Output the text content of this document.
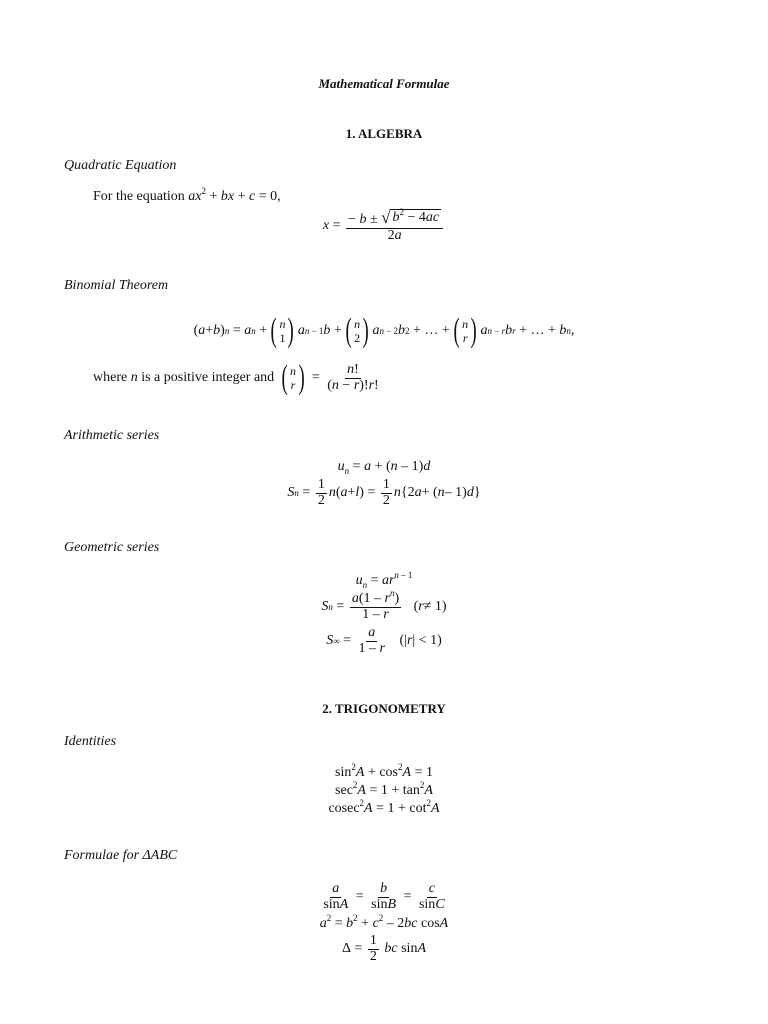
Mathematical Formulae
1. ALGEBRA
Quadratic Equation
For the equation $ax^2$ + bx + c = 0,
x = − b ± √ $b^2 - 4ac$
2a
Binomial Theorem
( a + b ) n = a n + ( n
1 ) a n − 1 b + ( n
2 ) a n − 2 b 2 + … + ( n
r ) a n − r b r + … + b n ,
where n is a positive integer and ( n
r ) =
n!
(n − r)!r!
Arithmetic series
$u_n = a + (n - 1)d$
S n =
1
2 n ( a + l ) =
1
2 n {2 a + ( n – 1) d }
Geometric series
$u_n = ar^{n - 1}$
S n =
$a(1 - r^n)$
1 – r ( r ≠ 1)
S ∞ =
a
1 – r (| r | < 1)
2. TRIGONOMETRY
Identities
$\sin^2A + \cos^2A = 1$
$\sec^2A = 1 + \tan^2A$
$cosec^2A = 1 + \cot^2A$
Formulae for ΔABC
a
sinA =
b
sinB =
c
sinC
$a^2 = b^2 + c^2 - 2bc$ cosA
Δ =
1
2
bc sin A
